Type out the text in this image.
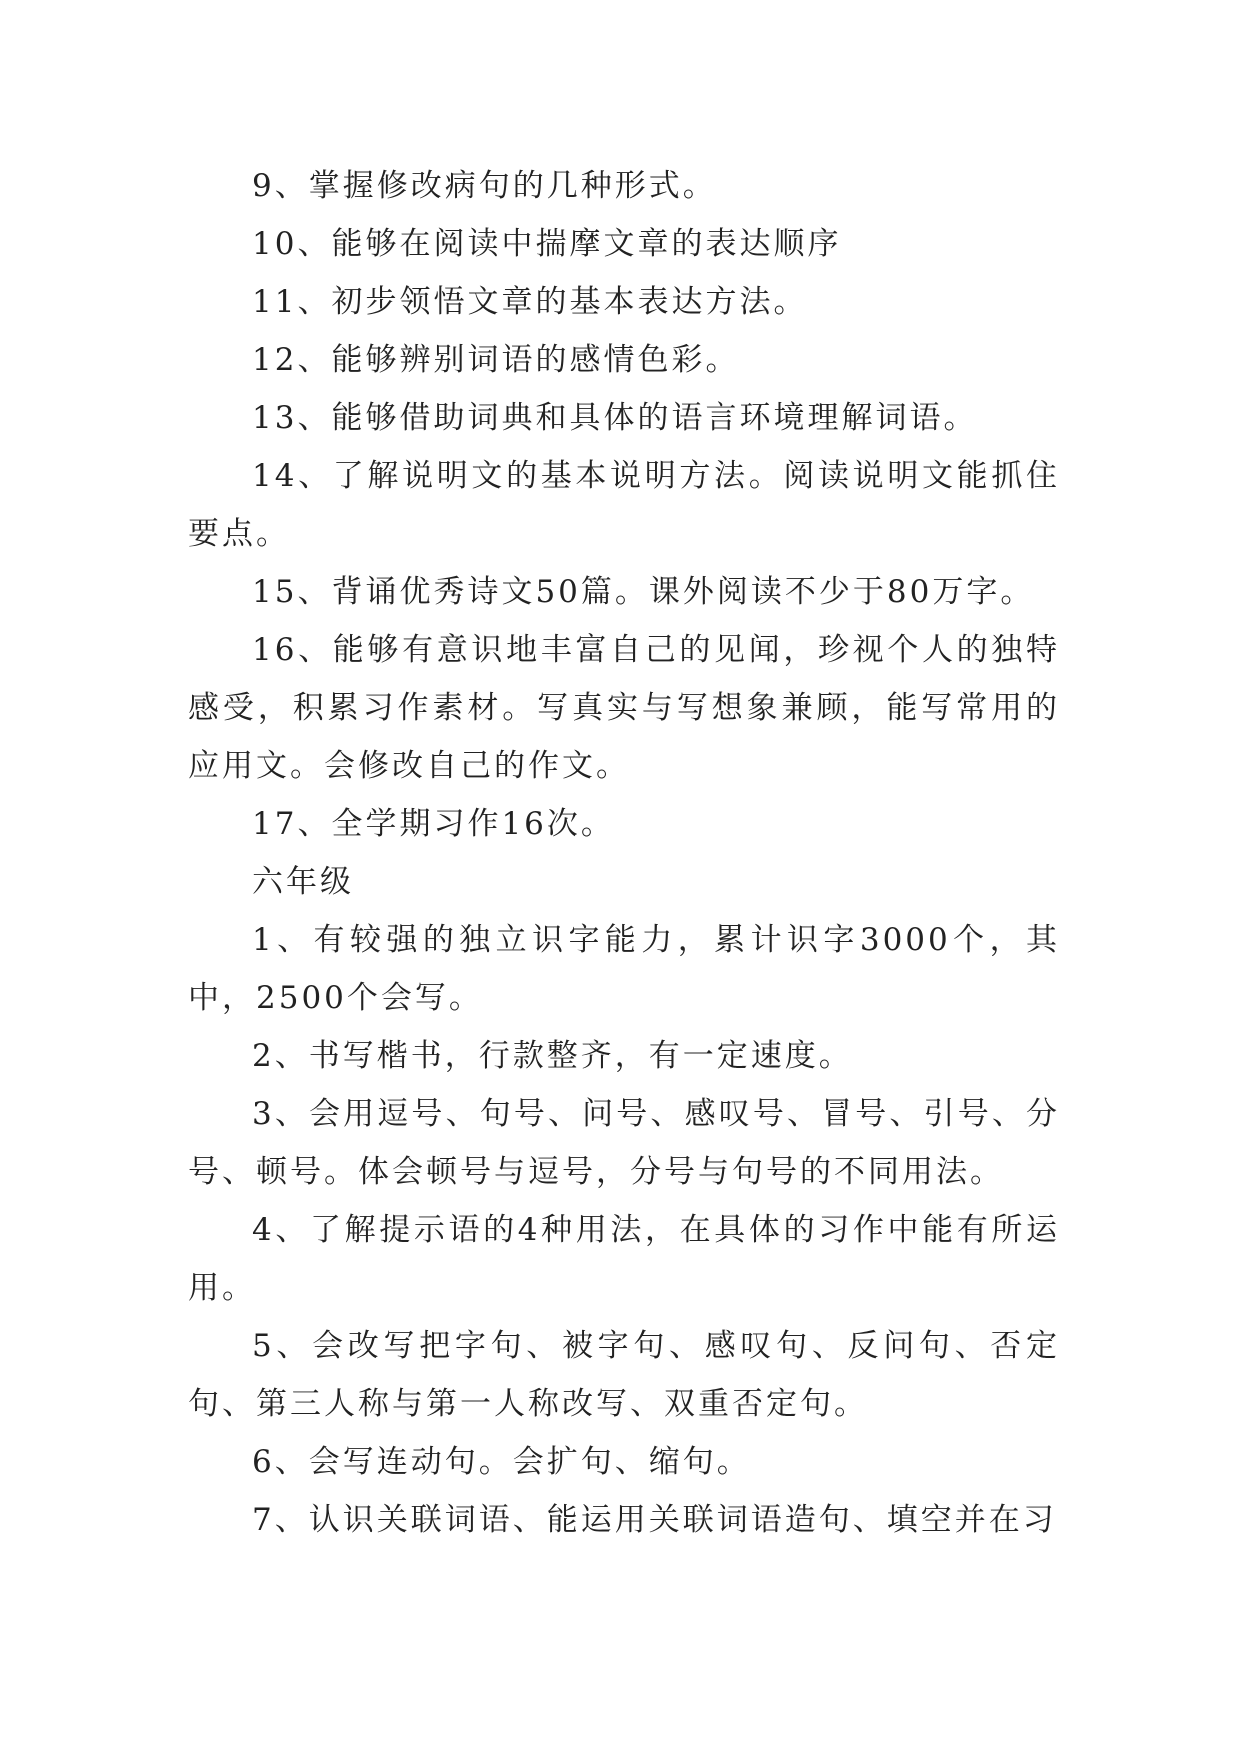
9、掌握修改病句的几种形式。

10、能够在阅读中揣摩文章的表达顺序

11、初步领悟文章的基本表达方法。

12、能够辨别词语的感情色彩。

13、能够借助词典和具体的语言环境理解词语。

14、了解说明文的基本说明方法。阅读说明文能抓住要点。

15、背诵优秀诗文50篇。课外阅读不少于80万字。

16、能够有意识地丰富自己的见闻，珍视个人的独特感受，积累习作素材。写真实与写想象兼顾，能写常用的应用文。会修改自己的作文。

17、全学期习作16次。

六年级

1、有较强的独立识字能力，累计识字3000个，其中，2500个会写。

2、书写楷书，行款整齐，有一定速度。

3、会用逗号、句号、问号、感叹号、冒号、引号、分号、顿号。体会顿号与逗号，分号与句号的不同用法。

4、了解提示语的4种用法，在具体的习作中能有所运用。

5、会改写把字句、被字句、感叹句、反问句、否定句、第三人称与第一人称改写、双重否定句。

6、会写连动句。会扩句、缩句。

7、认识关联词语、能运用关联词语造句、填空并在习
